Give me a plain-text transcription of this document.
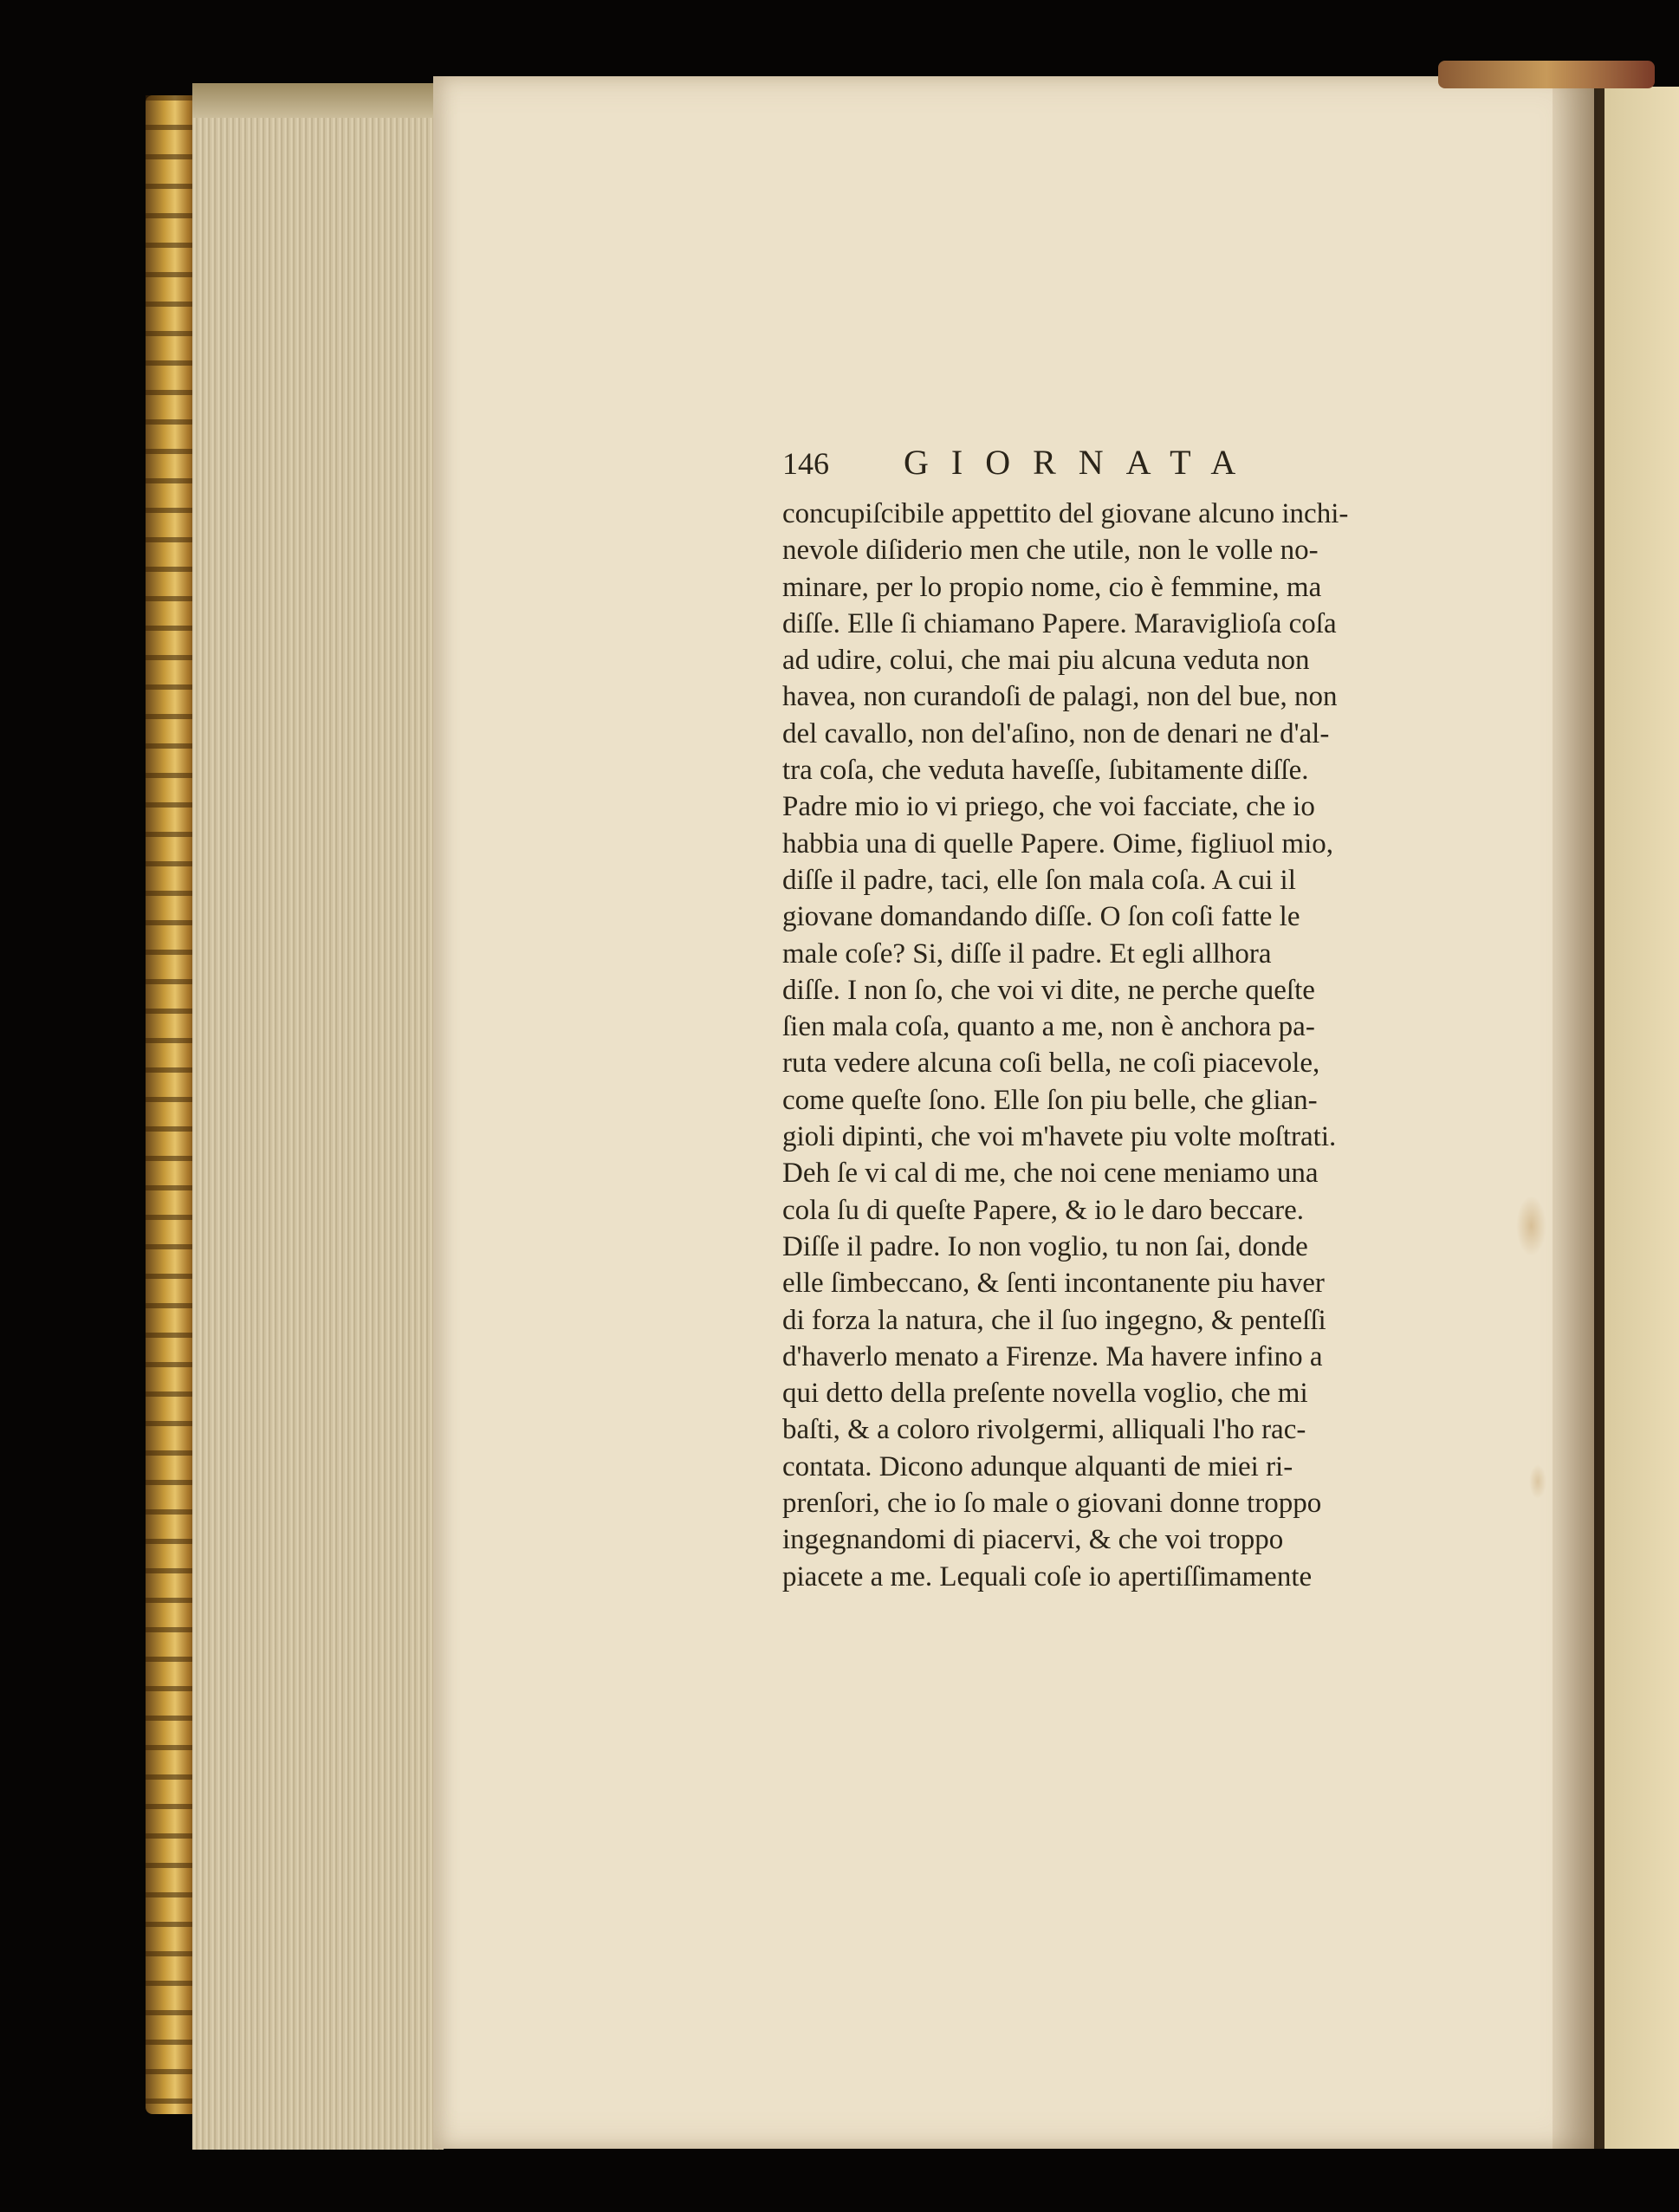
146 GIORNATA
concupiſcibile appettito del giovane alcuno inchi-
nevole diſiderio men che utile, non le volle no-
minare, per lo propio nome, cio è femmine, ma
diſſe. Elle ſi chiamano Papere. Maraviglioſa coſa
ad udire, colui, che mai piu alcuna veduta non
havea, non curandoſi de palagi, non del bue, non
del cavallo, non del'aſino, non de denari ne d'al-
tra coſa, che veduta haveſſe, ſubitamente diſſe.
Padre mio io vi priego, che voi facciate, che io
habbia una di quelle Papere. Oime, figliuol mio,
diſſe il padre, taci, elle ſon mala coſa. A cui il
giovane domandando diſſe. O ſon coſi fatte le
male coſe? Si, diſſe il padre. Et egli allhora
diſſe. I non ſo, che voi vi dite, ne perche queſte
ſien mala coſa, quanto a me, non è anchora pa-
ruta vedere alcuna coſi bella, ne coſi piacevole,
come queſte ſono. Elle ſon piu belle, che glian-
gioli dipinti, che voi m'havete piu volte moſtrati.
Deh ſe vi cal di me, che noi cene meniamo una
cola ſu di queſte Papere, & io le daro beccare.
Diſſe il padre. Io non voglio, tu non ſai, donde
elle ſimbeccano, & ſenti incontanente piu haver
di forza la natura, che il ſuo ingegno, & penteſſi
d'haverlo menato a Firenze. Ma havere infino a
qui detto della preſente novella voglio, che mi
baſti, & a coloro rivolgermi, alliquali l'ho rac-
contata. Dicono adunque alquanti de miei ri-
prenſori, che io ſo male o giovani donne troppo
ingegnandomi di piacervi, & che voi troppo
piacete a me. Lequali coſe io apertiſſimamente
